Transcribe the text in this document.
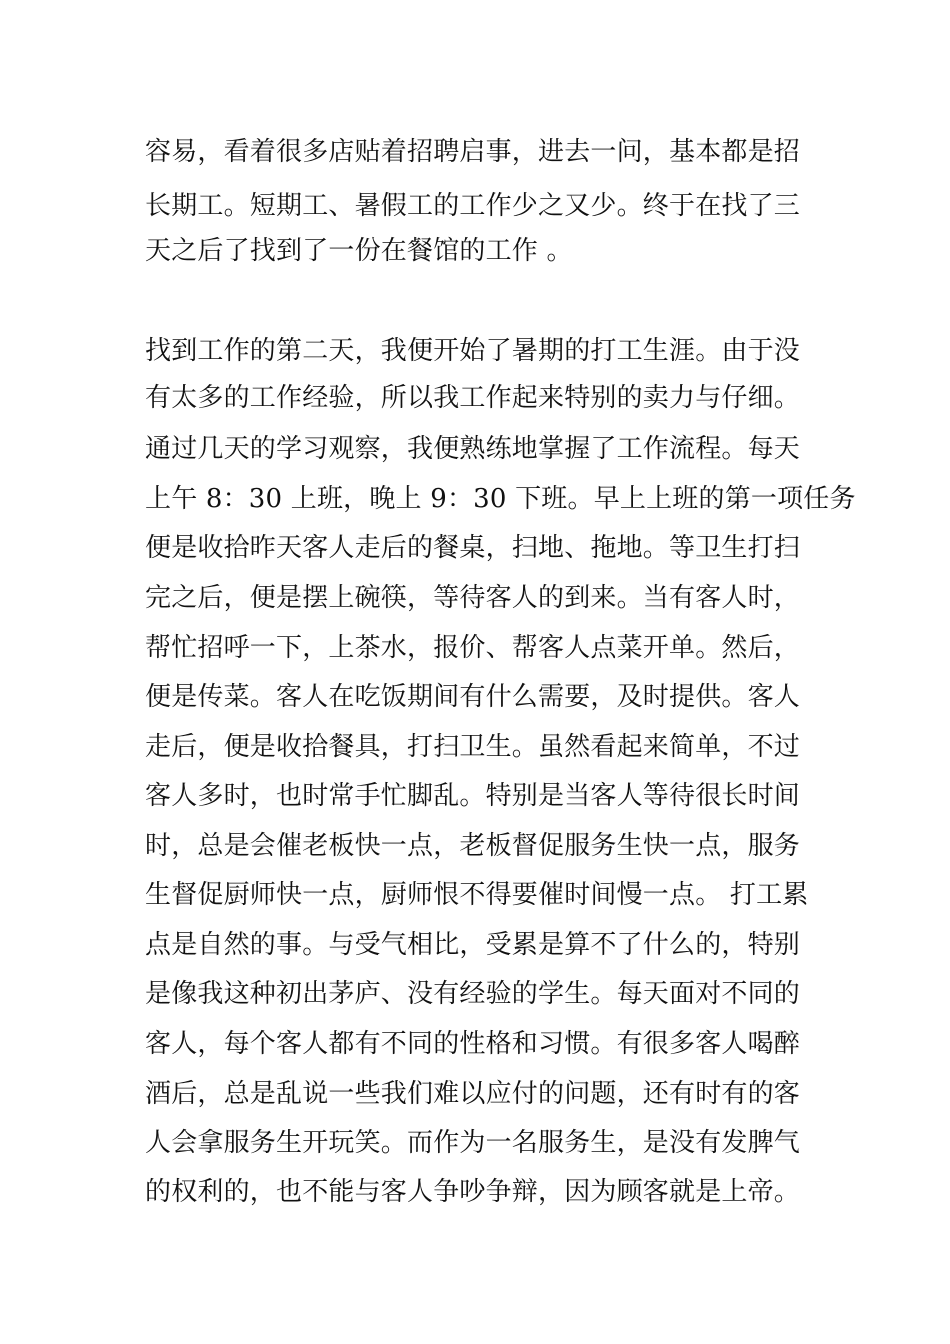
容易，看着很多店贴着招聘启事，进去一问，基本都是招
长期工。短期工、暑假工的工作少之又少。终于在找了三
天之后了找到了一份在餐馆的工作 。
找到工作的第二天，我便开始了暑期的打工生涯。由于没
有太多的工作经验，所以我工作起来特别的卖力与仔细。
通过几天的学习观察，我便熟练地掌握了工作流程。每天
上午 8：30 上班，晚上 9：30 下班。早上上班的第一项任务
便是收拾昨天客人走后的餐桌，扫地、拖地。等卫生打扫
完之后，便是摆上碗筷，等待客人的到来。当有客人时，
帮忙招呼一下，上茶水，报价、帮客人点菜开单。然后，
便是传菜。客人在吃饭期间有什么需要，及时提供。客人
走后，便是收拾餐具，打扫卫生。虽然看起来简单，不过
客人多时，也时常手忙脚乱。特别是当客人等待很长时间
时，总是会催老板快一点，老板督促服务生快一点，服务
生督促厨师快一点，厨师恨不得要催时间慢一点。 打工累
点是自然的事。与受气相比，受累是算不了什么的，特别
是像我这种初出茅庐、没有经验的学生。每天面对不同的
客人，每个客人都有不同的性格和习惯。有很多客人喝醉
酒后，总是乱说一些我们难以应付的问题，还有时有的客
人会拿服务生开玩笑。而作为一名服务生，是没有发脾气
的权利的，也不能与客人争吵争辩，因为顾客就是上帝。
